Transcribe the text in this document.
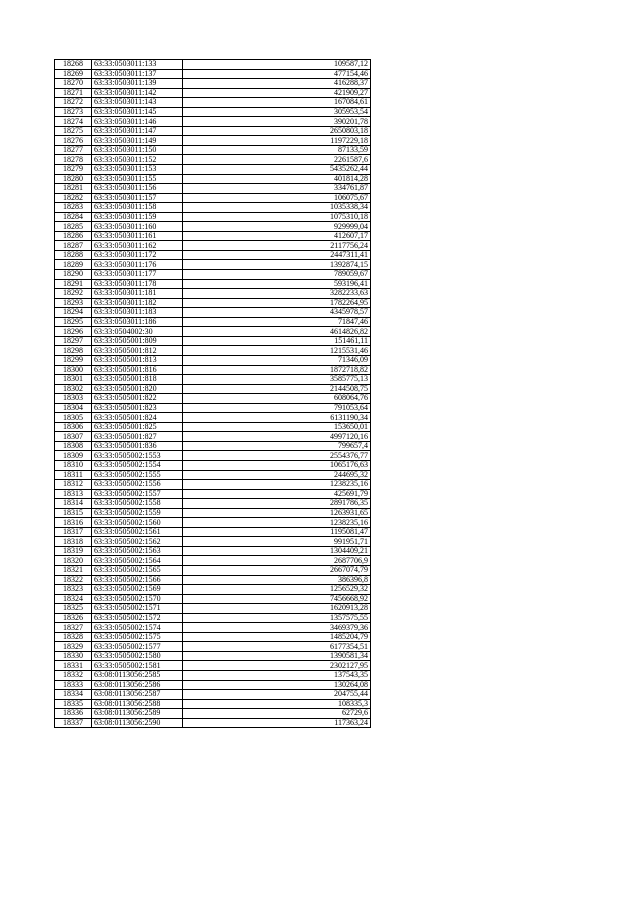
18268	63:33:0503011:133	109587,12
18269	63:33:0503011:137	477154,46
18270	63:33:0503011:139	416288,37
18271	63:33:0503011:142	421909,27
18272	63:33:0503011:143	167084,61
18273	63:33:0503011:145	305953,54
18274	63:33:0503011:146	390201,78
18275	63:33:0503011:147	2650803,18
18276	63:33:0503011:149	1197229,18
18277	63:33:0503011:150	87133,59
18278	63:33:0503011:152	2261587,6
18279	63:33:0503011:153	5435262,44
18280	63:33:0503011:155	401814,28
18281	63:33:0503011:156	334761,87
18282	63:33:0503011:157	106075,67
18283	63:33:0503011:158	1035338,34
18284	63:33:0503011:159	1075310,18
18285	63:33:0503011:160	929999,04
18286	63:33:0503011:161	412607,17
18287	63:33:0503011:162	2117756,24
18288	63:33:0503011:172	2447311,41
18289	63:33:0503011:176	1392874,15
18290	63:33:0503011:177	789059,67
18291	63:33:0503011:178	593196,41
18292	63:33:0503011:181	3282233,63
18293	63:33:0503011:182	1782264,95
18294	63:33:0503011:183	4345978,57
18295	63:33:0503011:186	71847,46
18296	63:33:0504002:30	4614826,82
18297	63:33:0505001:809	151461,11
18298	63:33:0505001:812	1215531,46
18299	63:33:0505001:813	71346,09
18300	63:33:0505001:816	1872718,82
18301	63:33:0505001:818	3585775,13
18302	63:33:0505001:820	2144508,75
18303	63:33:0505001:822	608064,76
18304	63:33:0505001:823	791053,64
18305	63:33:0505001:824	6131190,34
18306	63:33:0505001:825	153650,01
18307	63:33:0505001:827	4997120,16
18308	63:33:0505001:836	799657,4
18309	63:33:0505002:1553	2554376,77
18310	63:33:0505002:1554	1065176,63
18311	63:33:0505002:1555	244695,32
18312	63:33:0505002:1556	1238235,16
18313	63:33:0505002:1557	425691,79
18314	63:33:0505002:1558	2891786,35
18315	63:33:0505002:1559	1263931,65
18316	63:33:0505002:1560	1238235,16
18317	63:33:0505002:1561	1195081,47
18318	63:33:0505002:1562	991951,71
18319	63:33:0505002:1563	1304409,21
18320	63:33:0505002:1564	2687706,9
18321	63:33:0505002:1565	2667074,79
18322	63:33:0505002:1566	386396,8
18323	63:33:0505002:1569	1256529,32
18324	63:33:0505002:1570	7456668,92
18325	63:33:0505002:1571	1620913,28
18326	63:33:0505002:1572	1357575,55
18327	63:33:0505002:1574	3469379,36
18328	63:33:0505002:1575	1485204,79
18329	63:33:0505002:1577	6177354,51
18330	63:33:0505002:1580	1390581,34
18331	63:33:0505002:1581	2302127,95
18332	63:08:0113056:2585	137543,35
18333	63:08:0113056:2586	130264,08
18334	63:08:0113056:2587	204755,44
18335	63:08:0113056:2588	108335,3
18336	63:08:0113056:2589	62729,6
18337	63:08:0113056:2590	117363,24
